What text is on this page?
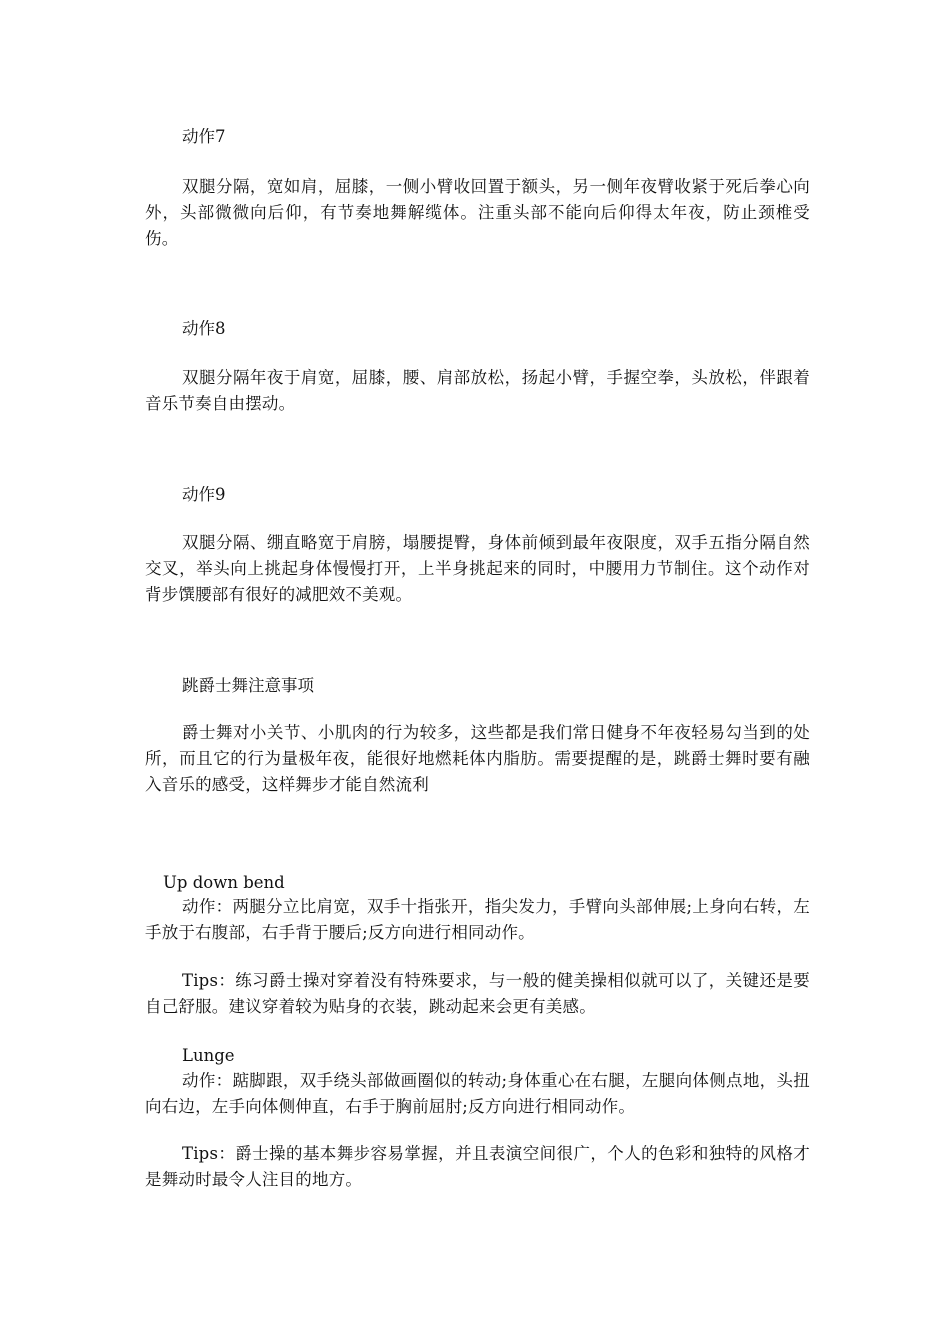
动作7

双腿分隔，宽如肩，屈膝，一侧小臂收回置于额头，另一侧年夜臂收紧于死后拳心向外，头部微微向后仰，有节奏地舞解缆体。注重头部不能向后仰得太年夜，防止颈椎受伤。

动作8

双腿分隔年夜于肩宽，屈膝，腰、肩部放松，扬起小臂，手握空拳，头放松，伴跟着音乐节奏自由摆动。

动作9

双腿分隔、绷直略宽于肩膀，塌腰提臀，身体前倾到最年夜限度，双手五指分隔自然交叉，举头向上挑起身体慢慢打开，上半身挑起来的同时，中腰用力节制住。这个动作对背步馔腰部有很好的减肥效不美观。

跳爵士舞注意事项

爵士舞对小关节、小肌肉的行为较多，这些都是我们常日健身不年夜轻易勾当到的处所，而且它的行为量极年夜，能很好地燃耗体内脂肪。需要提醒的是，跳爵士舞时要有融入音乐的感受，这样舞步才能自然流利

Up down bend

动作：两腿分立比肩宽，双手十指张开，指尖发力，手臂向头部伸展;上身向右转，左手放于右腹部，右手背于腰后;反方向进行相同动作。

Tips：练习爵士操对穿着没有特殊要求，与一般的健美操相似就可以了，关键还是要自己舒服。建议穿着较为贴身的衣装，跳动起来会更有美感。

Lunge

动作：踮脚跟，双手绕头部做画圈似的转动;身体重心在右腿，左腿向体侧点地，头扭向右边，左手向体侧伸直，右手于胸前屈肘;反方向进行相同动作。

Tips：爵士操的基本舞步容易掌握，并且表演空间很广，个人的色彩和独特的风格才是舞动时最令人注目的地方。
